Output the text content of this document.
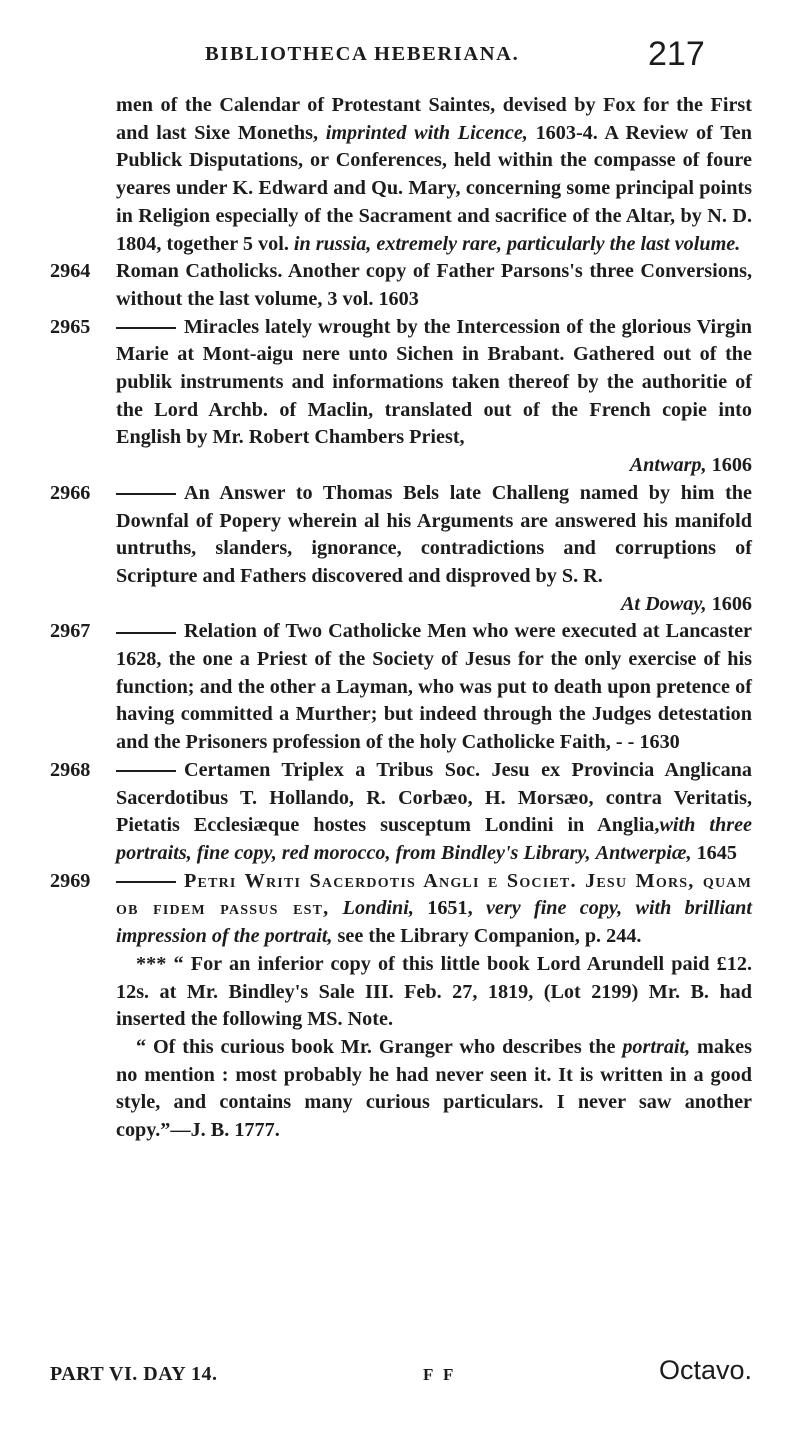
BIBLIOTHECA HEBERIANA.	217

men of the Calendar of Protestant Saintes, devised by Fox for the First and last Sixe Moneths, imprinted with Licence, 1603-4. A Review of Ten Publick Disputations, or Conferences, held within the compasse of foure yeares under K. Edward and Qu. Mary, concerning some principal points in Religion especially of the Sacrament and sacrifice of the Altar, by N. D. 1804, together 5 vol. in russia, extremely rare, particularly the last volume.

2964 Roman Catholicks. Another copy of Father Parsons's three Conversions, without the last volume, 3 vol. 1603

2965	Miracles lately wrought by the Intercession of the glorious Virgin Marie at Mont-aigu nere unto Sichen in Brabant. Gathered out of the publik instruments and informations taken thereof by the authoritie of the Lord Archb. of Maclin, translated out of the French copie into English by Mr. Robert Chambers Priest,
Antwarp, 1606

2966	An Answer to Thomas Bels late Challeng named by him the Downfal of Popery wherein al his Arguments are answered his manifold untruths, slanders, ignorance, contradictions and corruptions of Scripture and Fathers discovered and disproved by S. R.
At Doway, 1606

2967	Relation of Two Catholicke Men who were executed at Lancaster 1628, the one a Priest of the Society of Jesus for the only exercise of his function; and the other a Layman, who was put to death upon pretence of having committed a Murther; but indeed through the Judges detestation and the Prisoners profession of the holy Catholicke Faith, - - 1630

2968	Certamen Triplex a Tribus Soc. Jesu ex Provincia Anglicana Sacerdotibus T. Hollando, R. Corbæo, H. Morsæo, contra Veritatis, Pietatis Ecclesiæque hostes susceptum Londini in Anglia,with three portraits, fine copy, red morocco, from Bindley's Library, Antwerpiæ, 1645

2969	Petri Writi Sacerdotis Angli e Societ. Jesu Mors, quam ob fidem passus est, Londini, 1651, very fine copy, with brilliant impression of the portrait, see the Library Companion, p. 244.

*** “ For an inferior copy of this little book Lord Arundell paid £12. 12s. at Mr. Bindley's Sale III. Feb. 27, 1819, (Lot 2199) Mr. B. had inserted the following MS. Note.

“ Of this curious book Mr. Granger who describes the portrait, makes no mention : most probably he had never seen it. It is written in a good style, and contains many curious particulars. I never saw another copy.”—J. B. 1777.

PART VI. DAY 14.	F F	Octavo.
